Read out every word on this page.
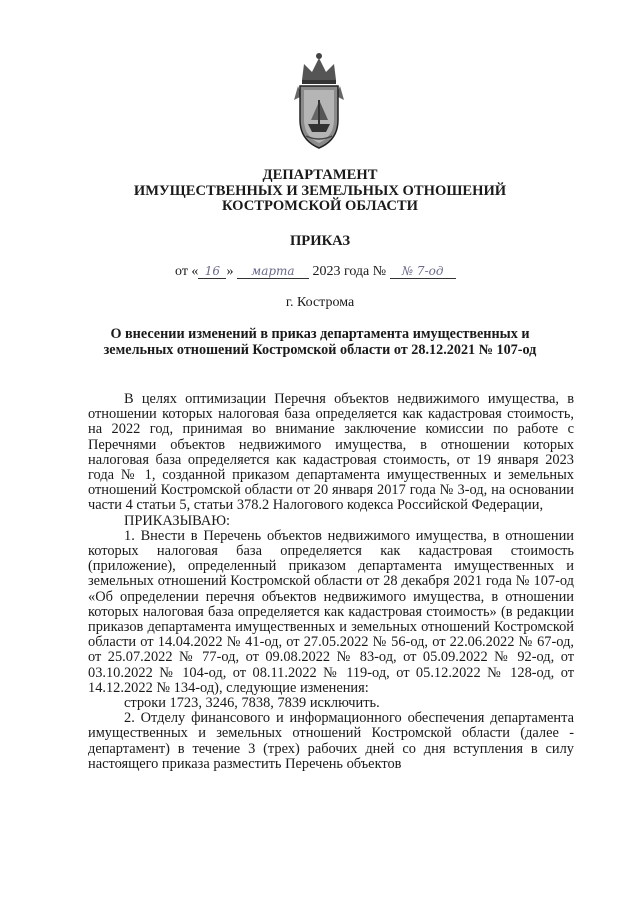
ДЕПАРТАМЕНТ
ИМУЩЕСТВЕННЫХ И ЗЕМЕЛЬНЫХ ОТНОШЕНИЙ
КОСТРОМСКОЙ ОБЛАСТИ
ПРИКАЗ
от « 16 » марта 2023 года № № 7-од
г. Кострома
О внесении изменений в приказ департамента имущественных и
земельных отношений Костромской области от 28.12.2021 № 107-од

В целях оптимизации Перечня объектов недвижимого имущества, в отношении которых налоговая база определяется как кадастровая стоимость, на 2022 год, принимая во внимание заключение комиссии по работе с Перечнями объектов недвижимого имущества, в отношении которых налоговая база определяется как кадастровая стоимость, от 19 января 2023 года № 1, созданной приказом департамента имущественных и земельных отношений Костромской области от 20 января 2017 года № 3-од, на основании части 4 статьи 5, статьи 378.2 Налогового кодекса Российской Федерации,

ПРИКАЗЫВАЮ:

1. Внести в Перечень объектов недвижимого имущества, в отношении которых налоговая база определяется как кадастровая стоимость (приложение), определенный приказом департамента имущественных и земельных отношений Костромской области от 28 декабря 2021 года № 107-од «Об определении перечня объектов недвижимого имущества, в отношении которых налоговая база определяется как кадастровая стоимость» (в редакции приказов департамента имущественных и земельных отношений Костромской области от 14.04.2022 № 41-од, от 27.05.2022 № 56-од, от 22.06.2022 № 67-од, от 25.07.2022 № 77-од, от 09.08.2022 № 83-од, от 05.09.2022 № 92-од, от 03.10.2022 № 104-од, от 08.11.2022 № 119-од, от 05.12.2022 № 128-од, от 14.12.2022 № 134-од), следующие изменения:

строки 1723, 3246, 7838, 7839 исключить.

2. Отделу финансового и информационного обеспечения департамента имущественных и земельных отношений Костромской области (далее - департамент) в течение 3 (трех) рабочих дней со дня вступления в силу настоящего приказа разместить Перечень объектов
